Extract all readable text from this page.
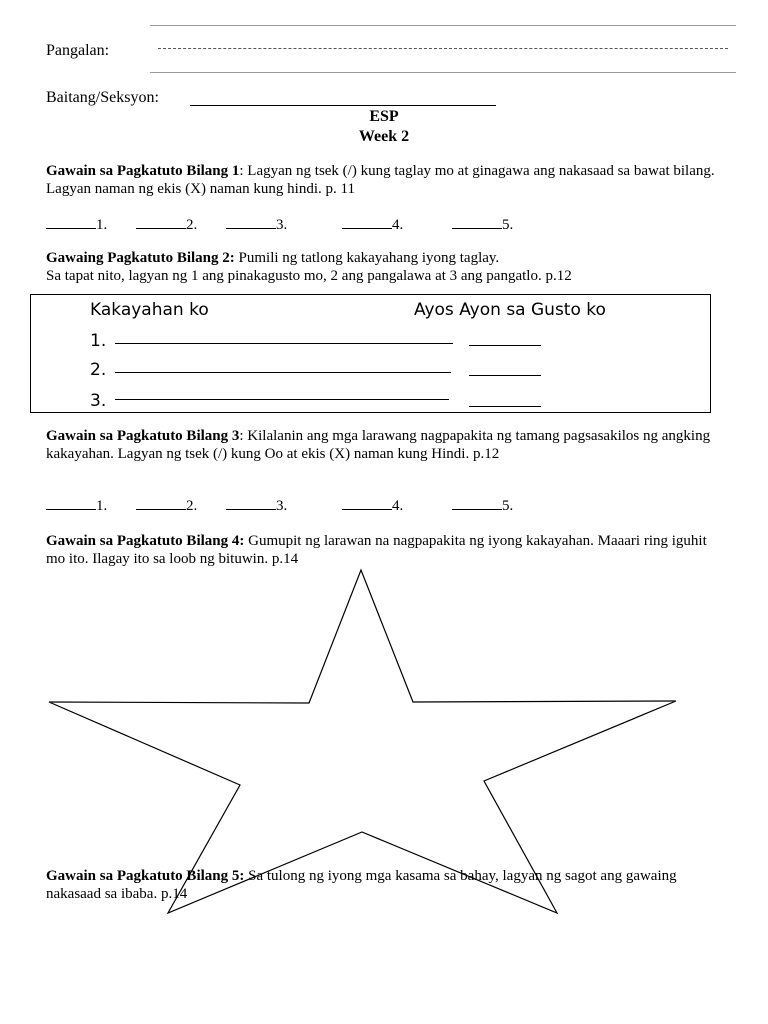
Pangalan:
Baitang/Seksyon:
ESP
Week 2
Gawain sa Pagkatuto Bilang 1: Lagyan ng tsek (/) kung taglay mo at ginagawa ang nakasaad sa bawat bilang. Lagyan naman ng ekis (X) naman kung hindi. p. 11
1.	2.	3.	4.	5.
Gawaing Pagkatuto Bilang 2: Pumili ng tatlong kakayahang iyong taglay.
Sa tapat nito, lagyan ng 1 ang pinakagusto mo, 2 ang pangalawa at 3 ang pangatlo. p.12
Kakayahan ko	Ayos Ayon sa Gusto ko
1.
2.
3.
Gawain sa Pagkatuto Bilang 3: Kilalanin ang mga larawang nagpapakita ng tamang pagsasakilos ng angking kakayahan. Lagyan ng tsek (/) kung Oo at ekis (X) naman kung Hindi. p.12
1.	2.	3.	4.	5.
Gawain sa Pagkatuto Bilang 4: Gumupit ng larawan na nagpapakita ng iyong kakayahan. Maaari ring iguhit mo ito. Ilagay ito sa loob ng bituwin. p.14
Gawain sa Pagkatuto Bilang 5: Sa tulong ng iyong mga kasama sa bahay, lagyan ng sagot ang gawaing nakasaad sa ibaba. p.14
